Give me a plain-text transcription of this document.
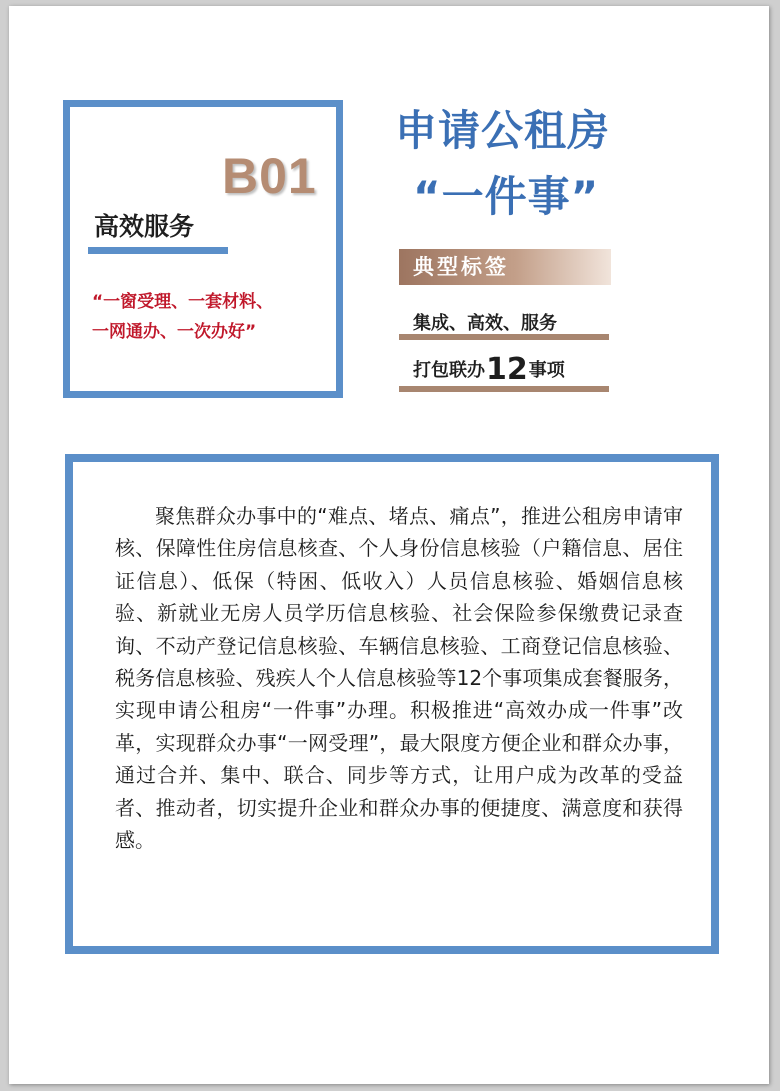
B01
高效服务
“一窗受理、一套材料、
一网通办、一次办好”
申请公租房
“一件事”
典型标签
集成、高效、服务
打包联办12事项

聚焦群众办事中的“难点、堵点、痛点”，推进公租房申请审核、保障性住房信息核查、个人身份信息核验（户籍信息、居住证信息）、低保（特困、低收入）人员信息核验、婚姻信息核验、新就业无房人员学历信息核验、社会保险参保缴费记录查询、不动产登记信息核验、车辆信息核验、工商登记信息核验、税务信息核验、残疾人个人信息核验等12个事项集成套餐服务，实现申请公租房“一件事”办理。积极推进“高效办成一件事”改革，实现群众办事“一网受理”，最大限度方便企业和群众办事，通过合并、集中、联合、同步等方式，让用户成为改革的受益者、推动者，切实提升企业和群众办事的便捷度、满意度和获得感。
